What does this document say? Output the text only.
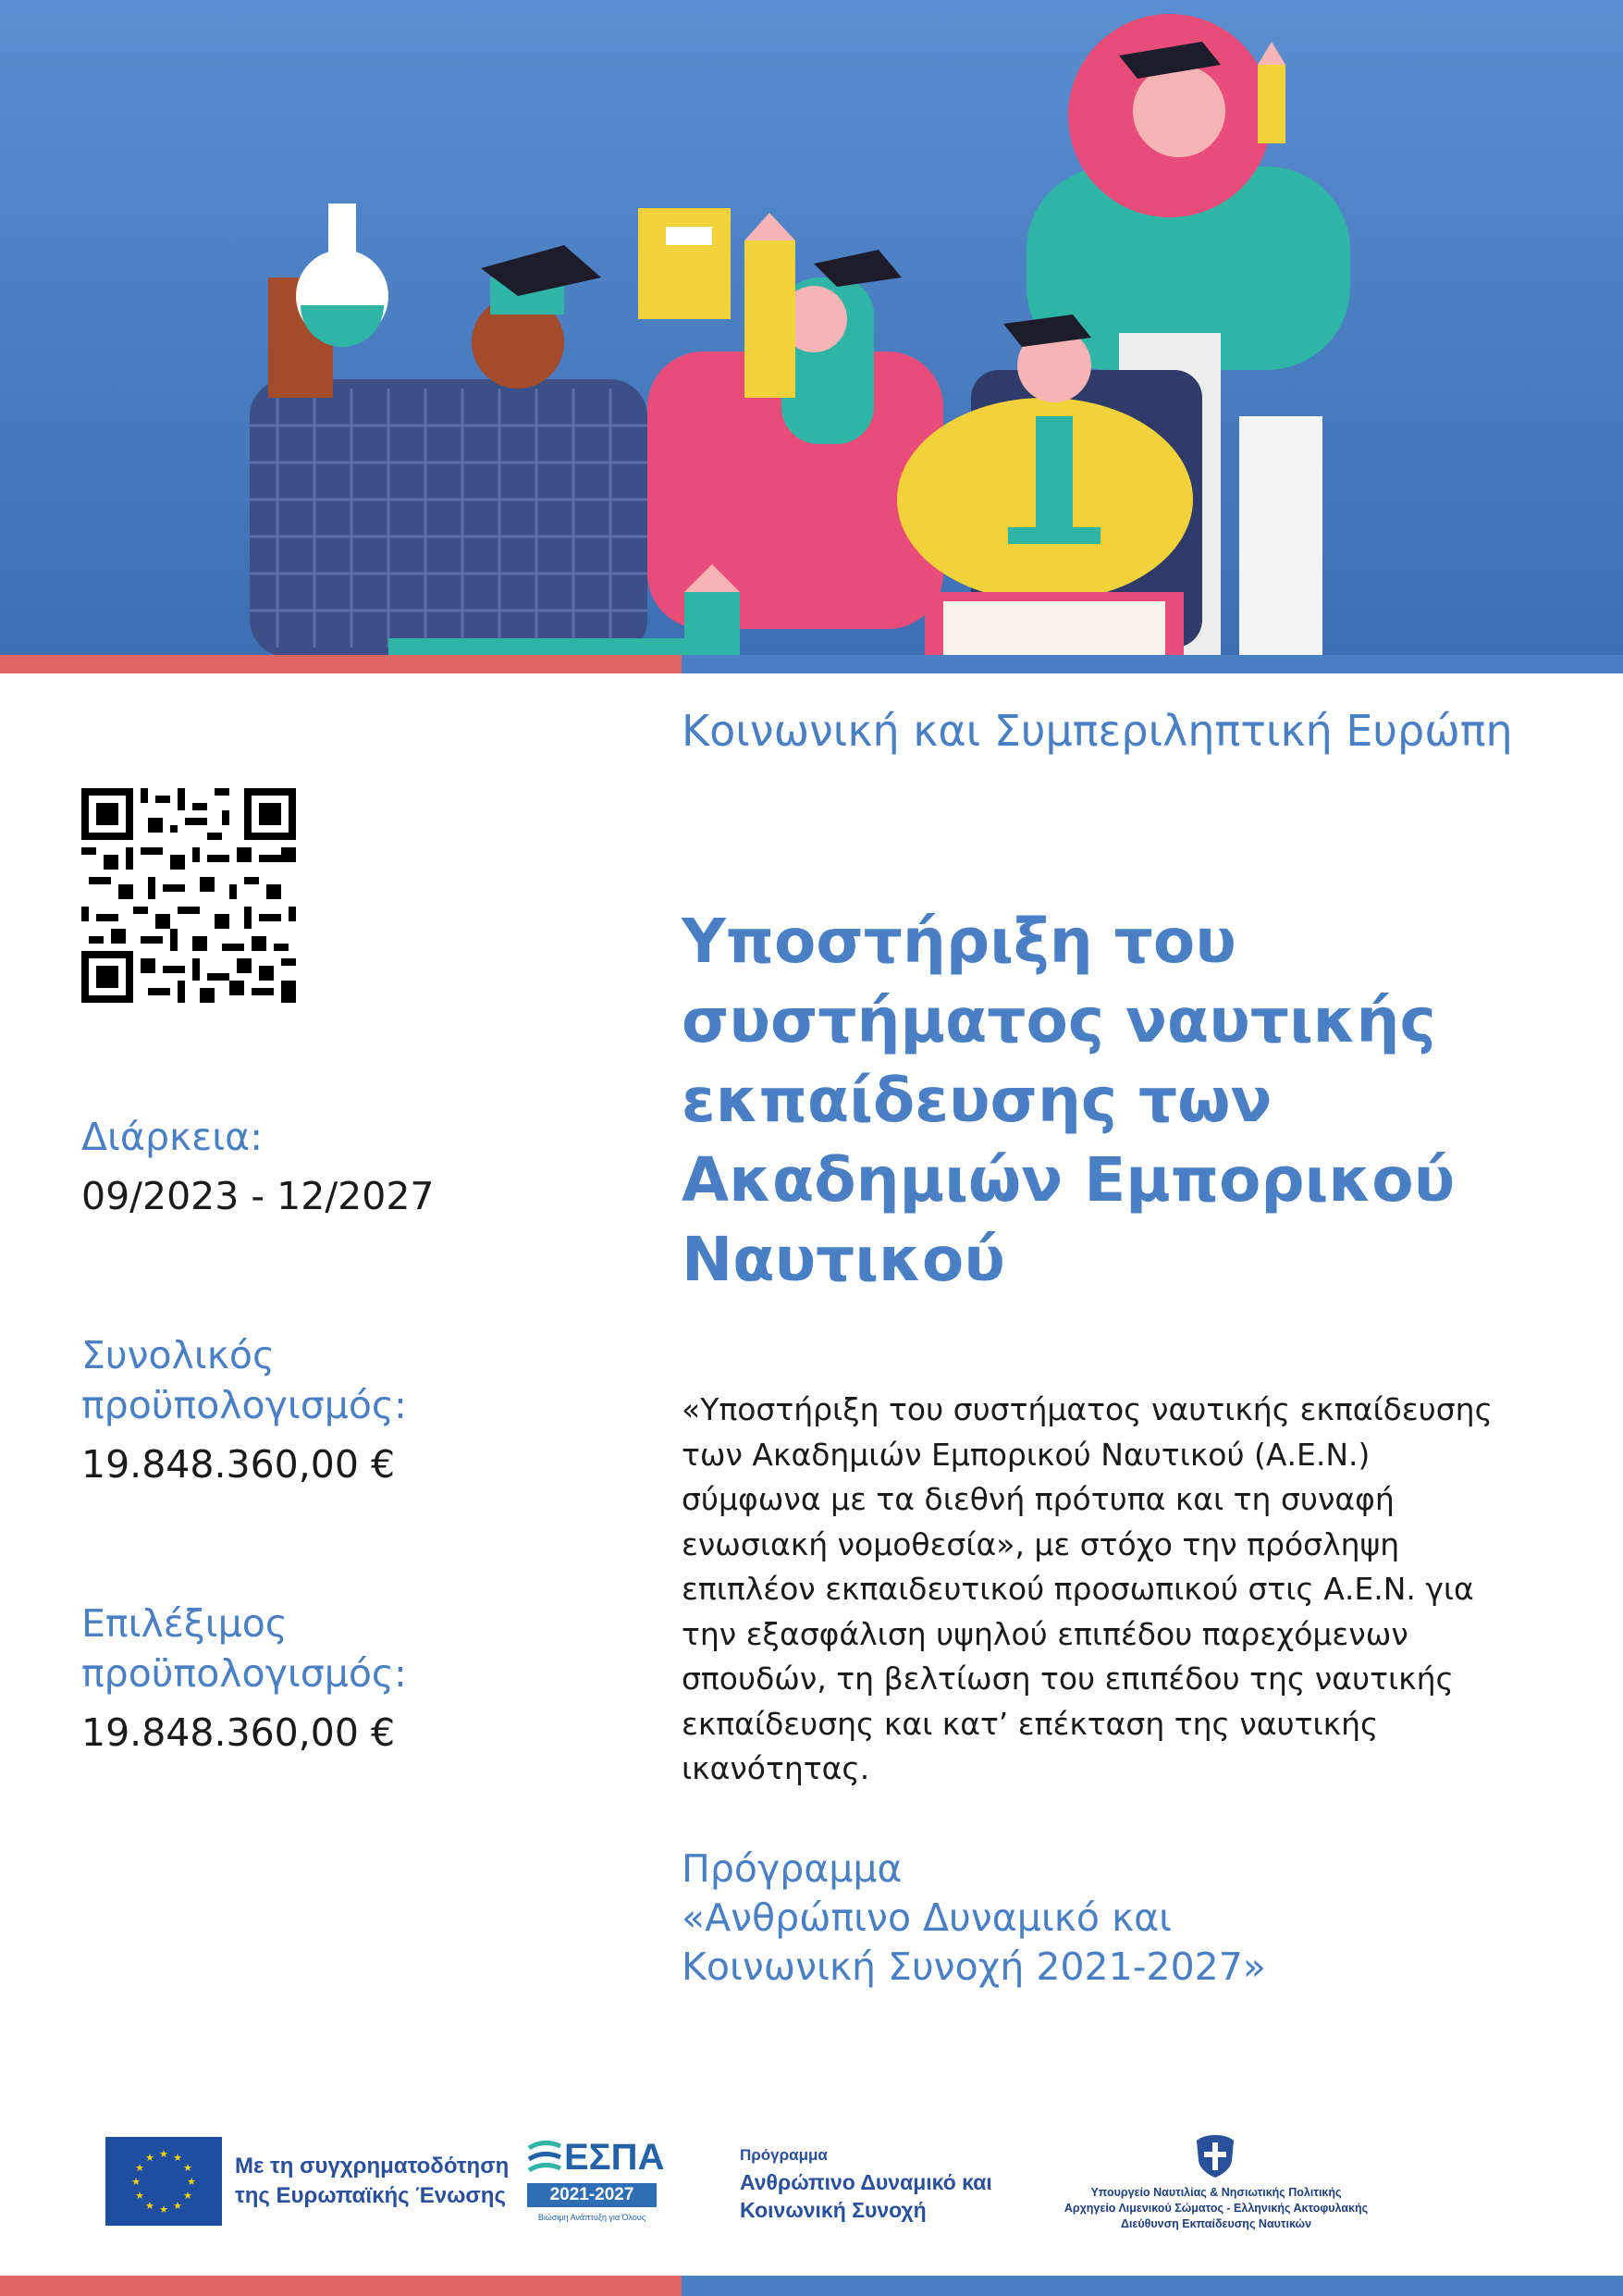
Διάρκεια:
09/2023 - 12/2027
Συνολικός
προϋπολογισμός:
19.848.360,00 €
Επιλέξιμος
προϋπολογισμός:
19.848.360,00 €
Κοινωνική και Συμπεριληπτική Ευρώπη
Υποστήριξη του
συστήματος ναυτικής
εκπαίδευσης των
Ακαδημιών Εμπορικού
Ναυτικού
«Υποστήριξη του συστήματος ναυτικής εκπαίδευσης
των Ακαδημιών Εμπορικού Ναυτικού (Α.Ε.Ν.)
σύμφωνα με τα διεθνή πρότυπα και τη συναφή
ενωσιακή νομοθεσία», με στόχο την πρόσληψη
επιπλέον εκπαιδευτικού προσωπικού στις Α.Ε.Ν. για
την εξασφάλιση υψηλού επιπέδου παρεχόμενων
σπουδών, τη βελτίωση του επιπέδου της ναυτικής
εκπαίδευσης και κατ’ επέκταση της ναυτικής
ικανότητας.
Πρόγραμμα
«Ανθρώπινο Δυναμικό και
Κοινωνική Συνοχή 2021-2027»
★ ★
★
★
★
★
★
★
★
★
★
★	Με τη συγχρηματοδότηση
της Ευρωπαϊκής Ένωσης
ΕΣΠΑ
2021-2027
Βιώσιμη Ανάπτυξη για Όλους
Πρόγραμμα
Ανθρώπινο Δυναμικό και
Κοινωνική Συνοχή
Υπουργείο Ναυτιλίας & Νησιωτικής Πολιτικής
Αρχηγείο Λιμενικού Σώματος - Ελληνικής Ακτοφυλακής
Διεύθυνση Εκπαίδευσης Ναυτικών
